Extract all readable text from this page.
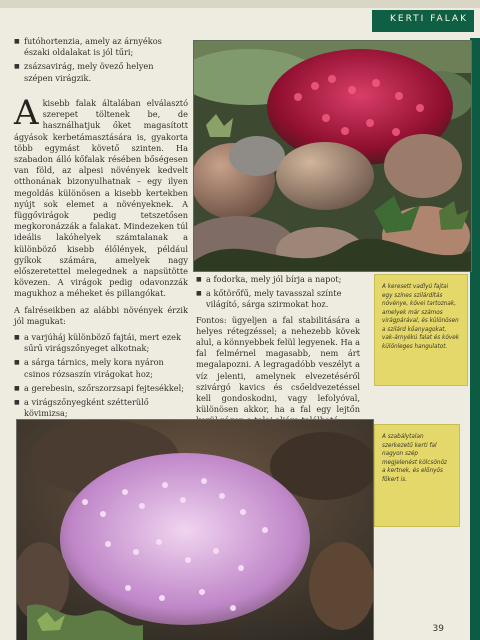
KERTI FALAK
■ futóhortenzia, amely az árnyékos északi oldalakat is jól tűri;
■ zsázsavirág, mely övező helyen szépen virágzik.

A kisebb falak általában elválasztó szerepet töltenek be, de használhatjuk őket magasított ágyások kerbetámasztására is, gyakorta több egymást követő szinten. Ha szabadon álló kőfalak résében bőségesen van föld, az alpesi növények kedvelt otthonának bizonyulhatnak – egy ilyen megoldás különösen a kisebb kertekben nyújt sok elemet a növényeknek. A függővirágok pedig tetszetősen megkoronázzák a falakat. Mindezeken túl ideális lakóhelyek számtalanak a különböző kisebb élőlények, például gyíkok számára, amelyek nagy előszeretettel melegednek a napsütötte kövezen. A virágok pedig odavonzzák magukhoz a méheket és pillangókat.

A falréseikben az alábbi növények érzik jól magukat:

■ a varjúháj különböző fajtái, mert ezek sűrű virágszőnyeget alkotnak;
■ a sárga tárnics, mely kora nyáron csinos rózsaszín virágokat hoz;
■ a gerebesin, szőrszorzsapi fejtesékkel;
■ a virágszőnyegként szétterülő kövimizsa;
A keresett vadlyú fajtai egy színes szilárdítás növénye, kövei tartoznak, amelyek már számos virágpárával, és különösen a szilárd kőanyagokat, vak-árnyékú falat és kövek különleges hangulatot.
■ a fodorka, mely jól bírja a napot;
■ a kőtörőfű, mely tavasszal színte világító, sárga szirmokat hoz.

Fontos: ügyeljen a fal stabilitására a helyes rétegzéssel; a nehezebb kövek alul, a könnyebbek felül legyenek. Ha a fal felmérnel magasabb, nem árt megalapozni. A legragadóbb veszélyt a víz jelenti, amelynek elvezetéséről szivárgó kavics és csőeldvezetéssel kell gondoskodni, vagy lefolyóval, különösen akkor, ha a fal egy lejtőn

A szabálytalan szerkezetű kerti fal nagyon szép megjelenést kölcsönöz a kertnek, és előnyös főkert is.
39
